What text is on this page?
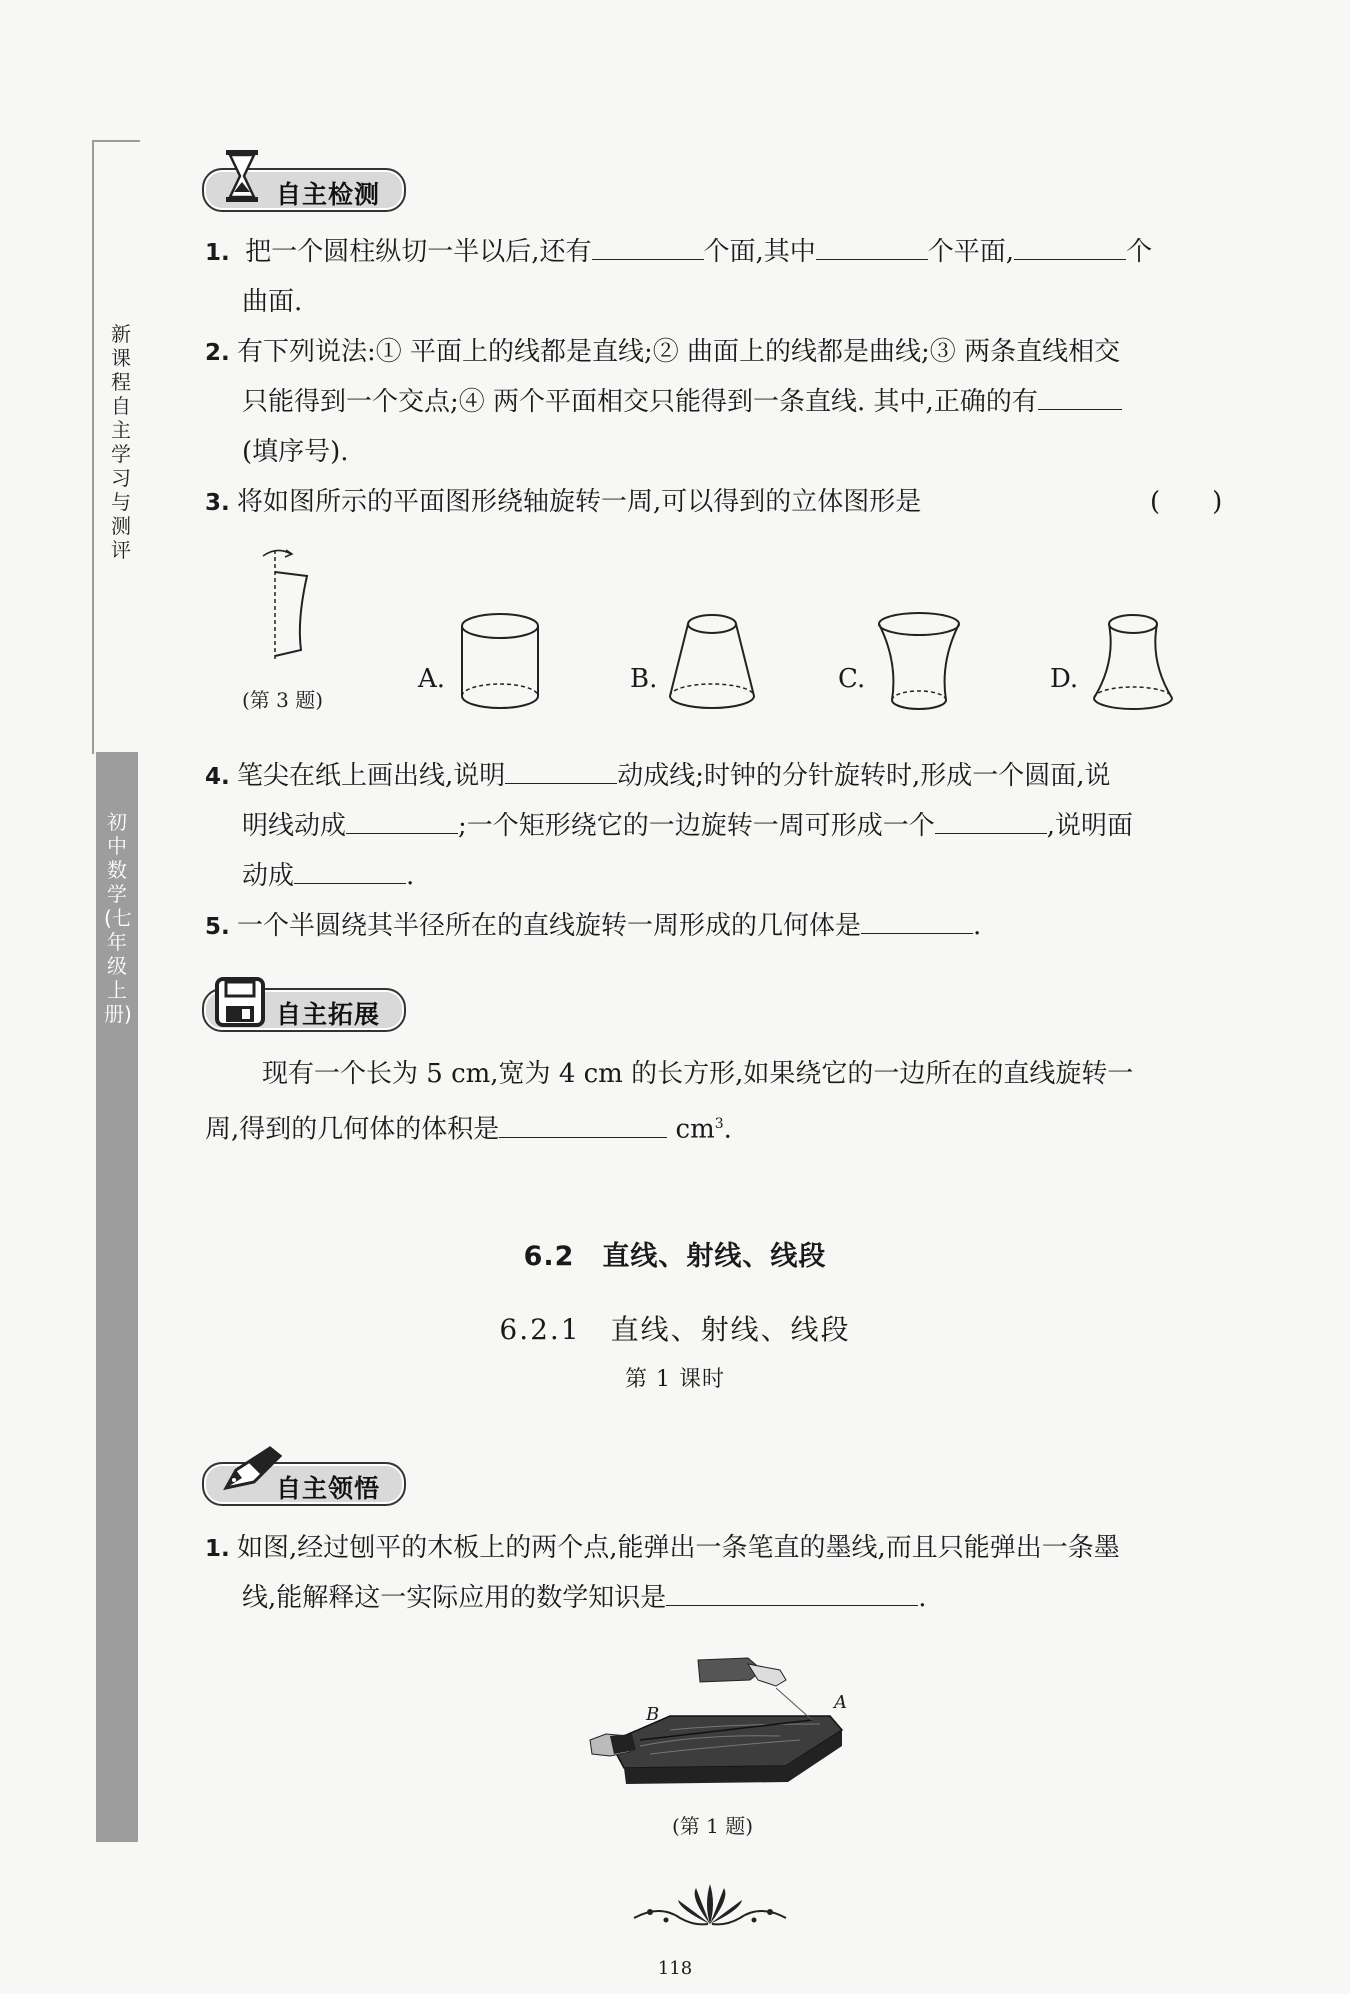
新课程自主学习与测评
初中数学(七年级上册)
自主检测
1. 把一个圆柱纵切一半以后,还有	个面,其中	个平面,	个
曲面.
2. 有下列说法:① 平面上的线都是直线;② 曲面上的线都是曲线;③ 两条直线相交
只能得到一个交点;④ 两个平面相交只能得到一条直线. 其中,正确的有
(填序号).
3. 将如图所示的平面图形绕轴旋转一周,可以得到的立体图形是	(　　)
(第 3 题)
A.	B.	C.	D.
4. 笔尖在纸上画出线,说明	动成线;时钟的分针旋转时,形成一个圆面,说
明线动成	;一个矩形绕它的一边旋转一周可形成一个	,说明面
动成	.
5. 一个半圆绕其半径所在的直线旋转一周形成的几何体是	.
自主拓展
现有一个长为 5 cm,宽为 4 cm 的长方形,如果绕它的一边所在的直线旋转一
周,得到的几何体的体积是	$cm^3$.
6.2　直线、射线、线段
6.2.1　直线、射线、线段
第 1 课时
自主领悟
1. 如图,经过刨平的木板上的两个点,能弹出一条笔直的墨线,而且只能弹出一条墨
线,能解释这一实际应用的数学知识是	.
B
A
(第 1 题)
118
